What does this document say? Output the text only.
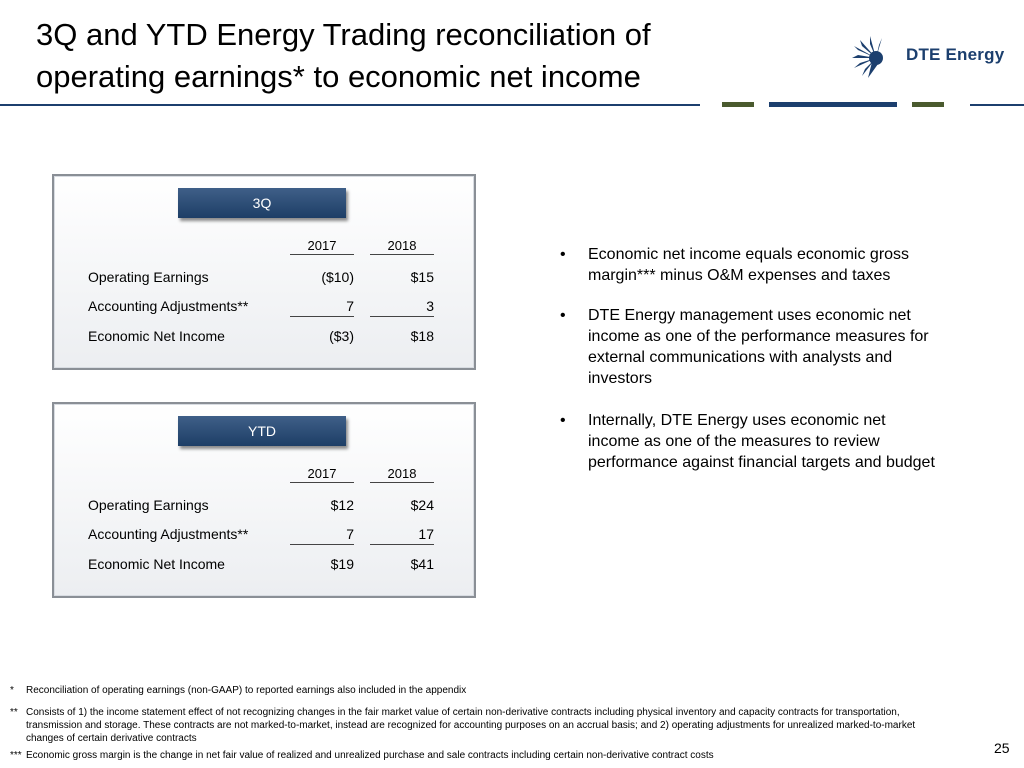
3Q and YTD Energy Trading reconciliation of
operating earnings* to economic net income
DTE Energy
3Q
2017	2018
Operating Earnings	($10)	$15
Accounting Adjustments**	7	3
Economic Net Income	($3)	$18
YTD
2017	2018
Operating Earnings	$12	$24
Accounting Adjustments**	7	17
Economic Net Income	$19	$41
• Economic net income equals economic gross margin*** minus O&M expenses and taxes
• DTE Energy management uses economic net income as one of the performance measures for external communications with analysts and investors
• Internally, DTE Energy uses economic net income as one of the measures to review performance against financial targets and budget
* Reconciliation of operating earnings (non-GAAP) to reported earnings also included in the appendix
** Consists of 1) the income statement effect of not recognizing changes in the fair market value of certain non-derivative contracts including physical inventory and capacity contracts for transportation, transmission and storage. These contracts are not marked-to-market, instead are recognized for accounting purposes on an accrual basis; and 2) operating adjustments for unrealized marked-to-market changes of certain derivative contracts
*** Economic gross margin is the change in net fair value of realized and unrealized purchase and sale contracts including certain non-derivative contract costs	25
